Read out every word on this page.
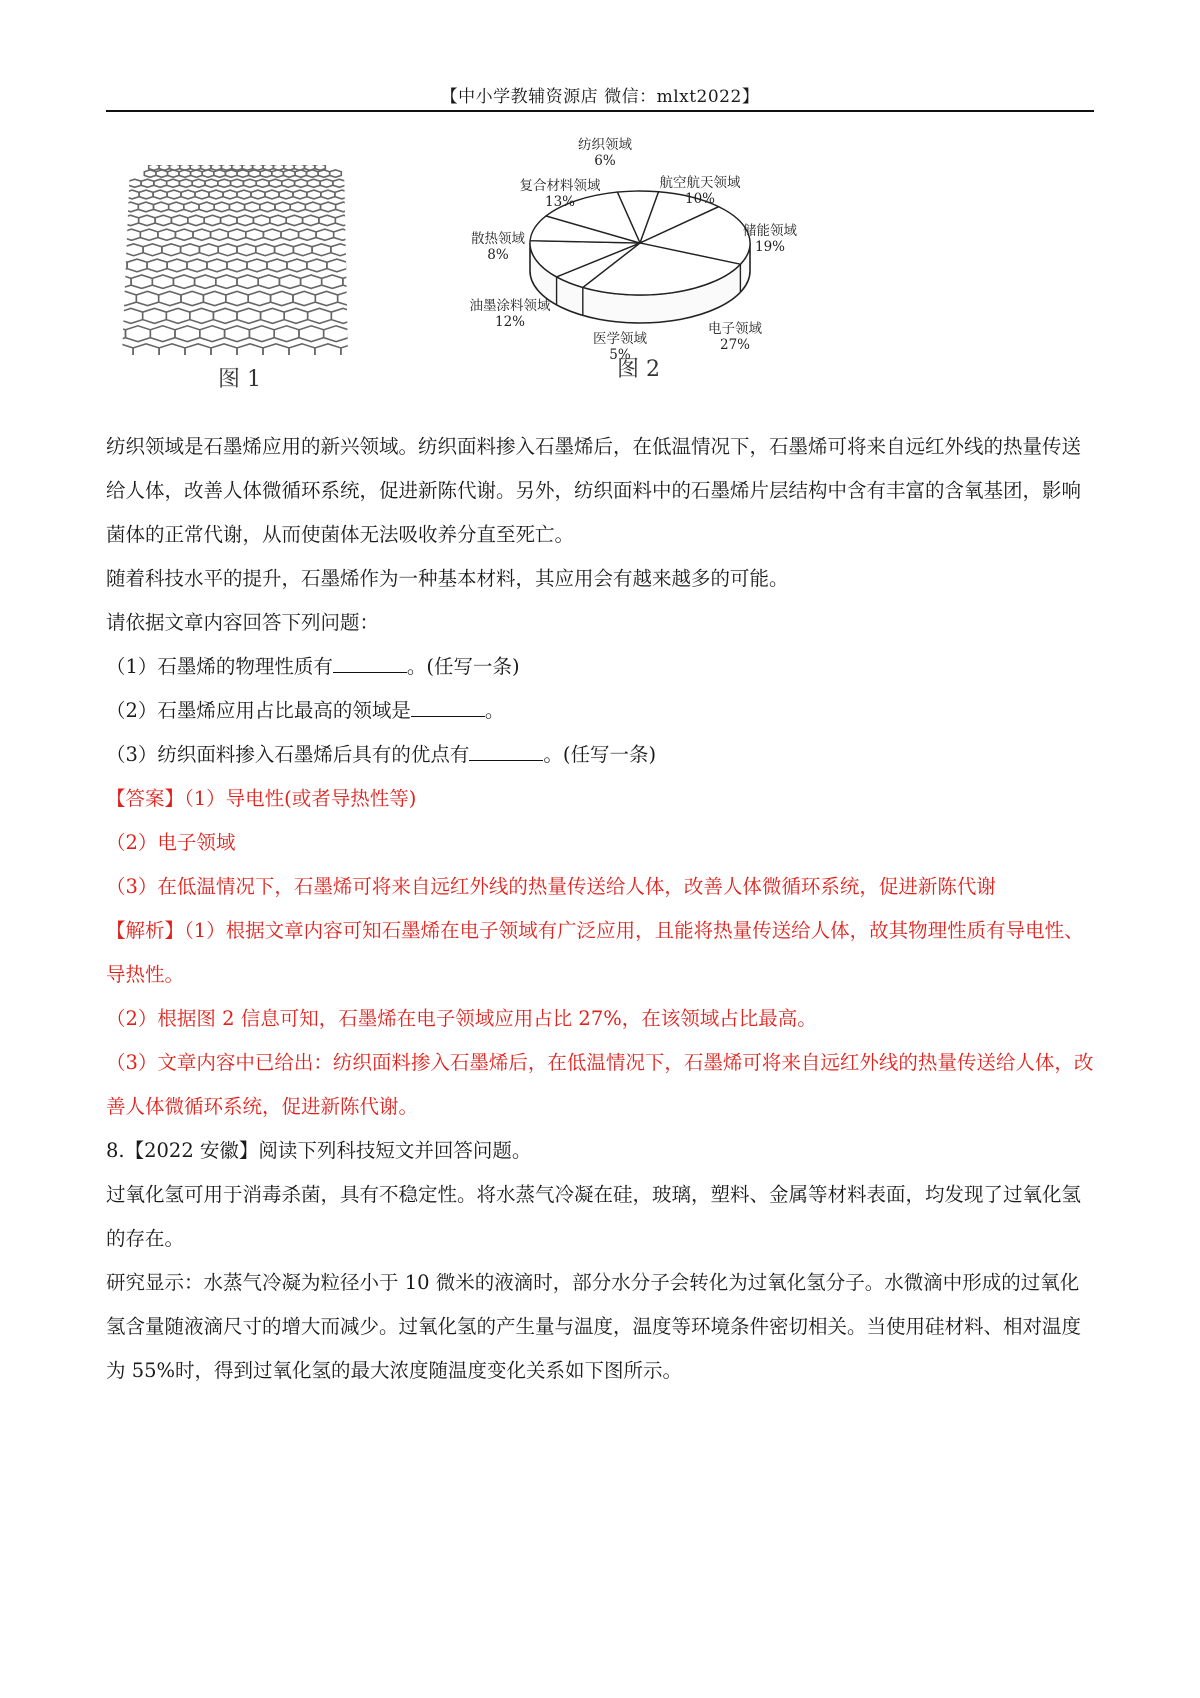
【中小学教辅资源店 微信：mlxt2022】
图 1
纺织领域
6%
航空航天领域
10%
储能领域
19%
电子领域
27%
医学领域
5%
油墨涂料领域
12%
散热领域
8%
复合材料领域
13%
图 2

纺织领域是石墨烯应用的新兴领域。纺织面料掺入石墨烯后，在低温情况下，石墨烯可将来自远红外线的热量传送给人体，改善人体微循环系统，促进新陈代谢。另外，纺织面料中的石墨烯片层结构中含有丰富的含氧基团，影响菌体的正常代谢，从而使菌体无法吸收养分直至死亡。

随着科技水平的提升，石墨烯作为一种基本材料，其应用会有越来越多的可能。

请依据文章内容回答下列问题：

（1）石墨烯的物理性质有	。(任写一条)

（2）石墨烯应用占比最高的领域是	。

（3）纺织面料掺入石墨烯后具有的优点有	。(任写一条)

【答案】（1）导电性(或者导热性等)

（2）电子领域

（3）在低温情况下，石墨烯可将来自远红外线的热量传送给人体，改善人体微循环系统，促进新陈代谢

【解析】（1）根据文章内容可知石墨烯在电子领域有广泛应用，且能将热量传送给人体，故其物理性质有导电性、导热性。

（2）根据图 2 信息可知，石墨烯在电子领域应用占比 27%，在该领域占比最高。

（3）文章内容中已给出：纺织面料掺入石墨烯后，在低温情况下，石墨烯可将来自远红外线的热量传送给人体，改善人体微循环系统，促进新陈代谢。

8.【2022 安徽】阅读下列科技短文并回答问题。

过氧化氢可用于消毒杀菌，具有不稳定性。将水蒸气冷凝在硅，玻璃，塑料、金属等材料表面，均发现了过氧化氢的存在。

研究显示：水蒸气冷凝为粒径小于 10 微米的液滴时，部分水分子会转化为过氧化氢分子。水微滴中形成的过氧化氢含量随液滴尺寸的增大而减少。过氧化氢的产生量与温度，温度等环境条件密切相关。当使用硅材料、相对温度为 55%时，得到过氧化氢的最大浓度随温度变化关系如下图所示。
